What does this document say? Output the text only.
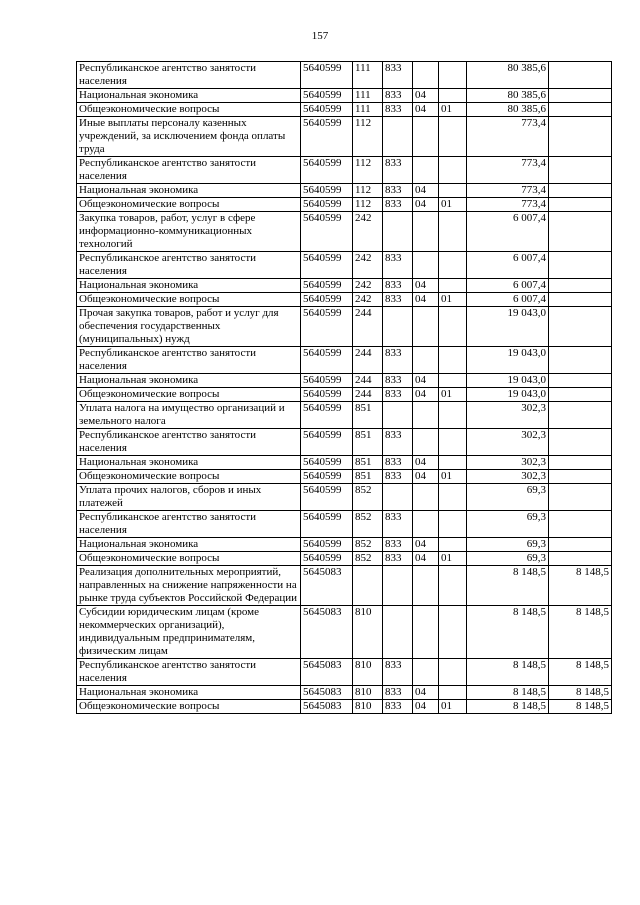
157
Республиканское агентство занятости населения	5640599	111	833			80 385,6	
Национальная экономика	5640599	111	833	04		80 385,6	
Общеэкономические вопросы	5640599	111	833	04	01	80 385,6	
Иные выплаты персоналу казенных учреждений, за исключением фонда оплаты труда	5640599	112				773,4	
Республиканское агентство занятости населения	5640599	112	833			773,4	
Национальная экономика	5640599	112	833	04		773,4	
Общеэкономические вопросы	5640599	112	833	04	01	773,4	
Закупка товаров, работ, услуг в сфере информационно-коммуникационных технологий	5640599	242				6 007,4	
Республиканское агентство занятости населения	5640599	242	833			6 007,4	
Национальная экономика	5640599	242	833	04		6 007,4	
Общеэкономические вопросы	5640599	242	833	04	01	6 007,4	
Прочая закупка товаров, работ и услуг для обеспечения государственных (муниципальных) нужд	5640599	244				19 043,0	
Республиканское агентство занятости населения	5640599	244	833			19 043,0	
Национальная экономика	5640599	244	833	04		19 043,0	
Общеэкономические вопросы	5640599	244	833	04	01	19 043,0	
Уплата налога на имущество организаций и земельного налога	5640599	851				302,3	
Республиканское агентство занятости населения	5640599	851	833			302,3	
Национальная экономика	5640599	851	833	04		302,3	
Общеэкономические вопросы	5640599	851	833	04	01	302,3	
Уплата прочих налогов, сборов и иных платежей	5640599	852				69,3	
Республиканское агентство занятости населения	5640599	852	833			69,3	
Национальная экономика	5640599	852	833	04		69,3	
Общеэкономические вопросы	5640599	852	833	04	01	69,3	
Реализация дополнительных мероприятий, направленных на снижение напряженности на рынке труда субъектов Российской Федерации	5645083					8 148,5	8 148,5
Субсидии юридическим лицам (кроме некоммерческих организаций), индивидуальным предпринимателям, физическим лицам	5645083	810				8 148,5	8 148,5
Республиканское агентство занятости населения	5645083	810	833			8 148,5	8 148,5
Национальная экономика	5645083	810	833	04		8 148,5	8 148,5
Общеэкономические вопросы	5645083	810	833	04	01	8 148,5	8 148,5
